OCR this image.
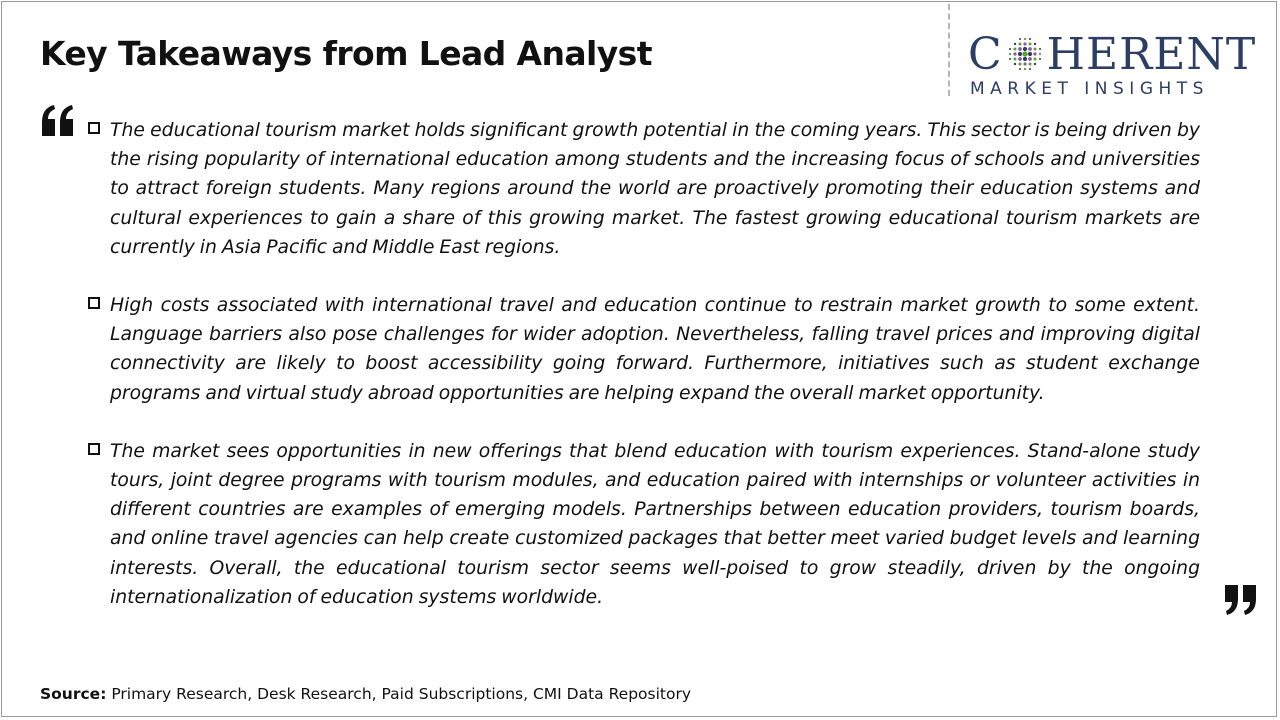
Key Takeaways from Lead Analyst	C HERENT
MARKET INSIGHTS
The educational tourism market holds significant growth potential in the coming years. This sector is being driven by the rising popularity of international education among students and the increasing focus of schools and universities to attract foreign students. Many regions around the world are proactively promoting their education systems and cultural experiences to gain a share of this growing market. The fastest growing educational tourism markets are currently in Asia Pacific and Middle East regions.
High costs associated with international travel and education continue to restrain market growth to some extent. Language barriers also pose challenges for wider adoption. Nevertheless, falling travel prices and improving digital connectivity are likely to boost accessibility going forward. Furthermore, initiatives such as student exchange programs and virtual study abroad opportunities are helping expand the overall market opportunity.
The market sees opportunities in new offerings that blend education with tourism experiences. Stand-alone study tours, joint degree programs with tourism modules, and education paired with internships or volunteer activities in different countries are examples of emerging models. Partnerships between education providers, tourism boards, and online travel agencies can help create customized packages that better meet varied budget levels and learning interests. Overall, the educational tourism sector seems well-poised to grow steadily, driven by the ongoing internationalization of education systems worldwide.
Source: Primary Research, Desk Research, Paid Subscriptions, CMI Data Repository
